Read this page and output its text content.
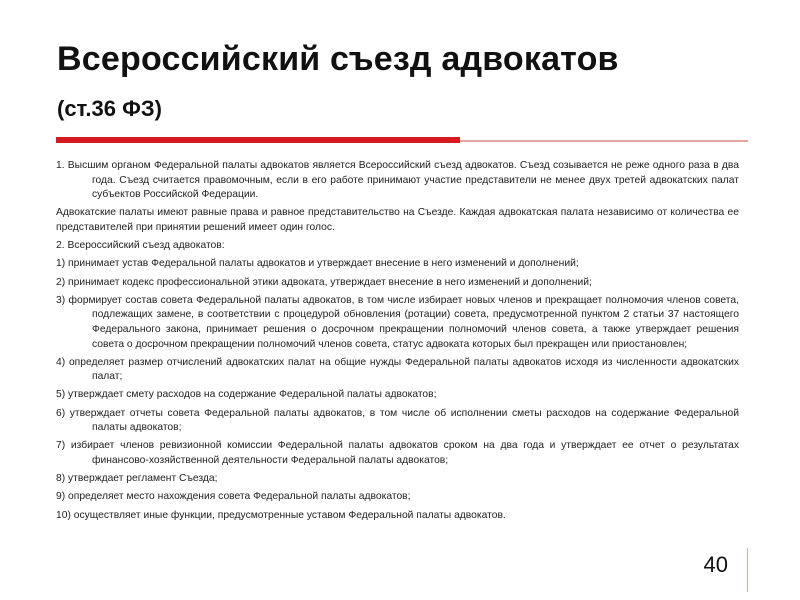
Всероссийский съезд адвокатов
(ст.36 ФЗ)

1. Высшим органом Федеральной палаты адвокатов является Всероссийский съезд адвокатов. Съезд созывается не реже одного раза в два года. Съезд считается правомочным, если в его работе принимают участие представители не менее двух третей адвокатских палат субъектов Российской Федерации.

Адвокатские палаты имеют равные права и равное представительство на Съезде. Каждая адвокатская палата независимо от количества ее представителей при принятии решений имеет один голос.

2. Всероссийский съезд адвокатов:

1) принимает устав Федеральной палаты адвокатов и утверждает внесение в него изменений и дополнений;

2) принимает кодекс профессиональной этики адвоката, утверждает внесение в него изменений и дополнений;

3) формирует состав совета Федеральной палаты адвокатов, в том числе избирает новых членов и прекращает полномочия членов совета, подлежащих замене, в соответствии с процедурой обновления (ротации) совета, предусмотренной пунктом 2 статьи 37 настоящего Федерального закона, принимает решения о досрочном прекращении полномочий членов совета, а также утверждает решения совета о досрочном прекращении полномочий членов совета, статус адвоката которых был прекращен или приостановлен;

4) определяет размер отчислений адвокатских палат на общие нужды Федеральной палаты адвокатов исходя из численности адвокатских палат;

5) утверждает смету расходов на содержание Федеральной палаты адвокатов;

6) утверждает отчеты совета Федеральной палаты адвокатов, в том числе об исполнении сметы расходов на содержание Федеральной палаты адвокатов;

7) избирает членов ревизионной комиссии Федеральной палаты адвокатов сроком на два года и утверждает ее отчет о результатах финансово-хозяйственной деятельности Федеральной палаты адвокатов;

8) утверждает регламент Съезда;

9) определяет место нахождения совета Федеральной палаты адвокатов;

10) осуществляет иные функции, предусмотренные уставом Федеральной палаты адвокатов.

40
